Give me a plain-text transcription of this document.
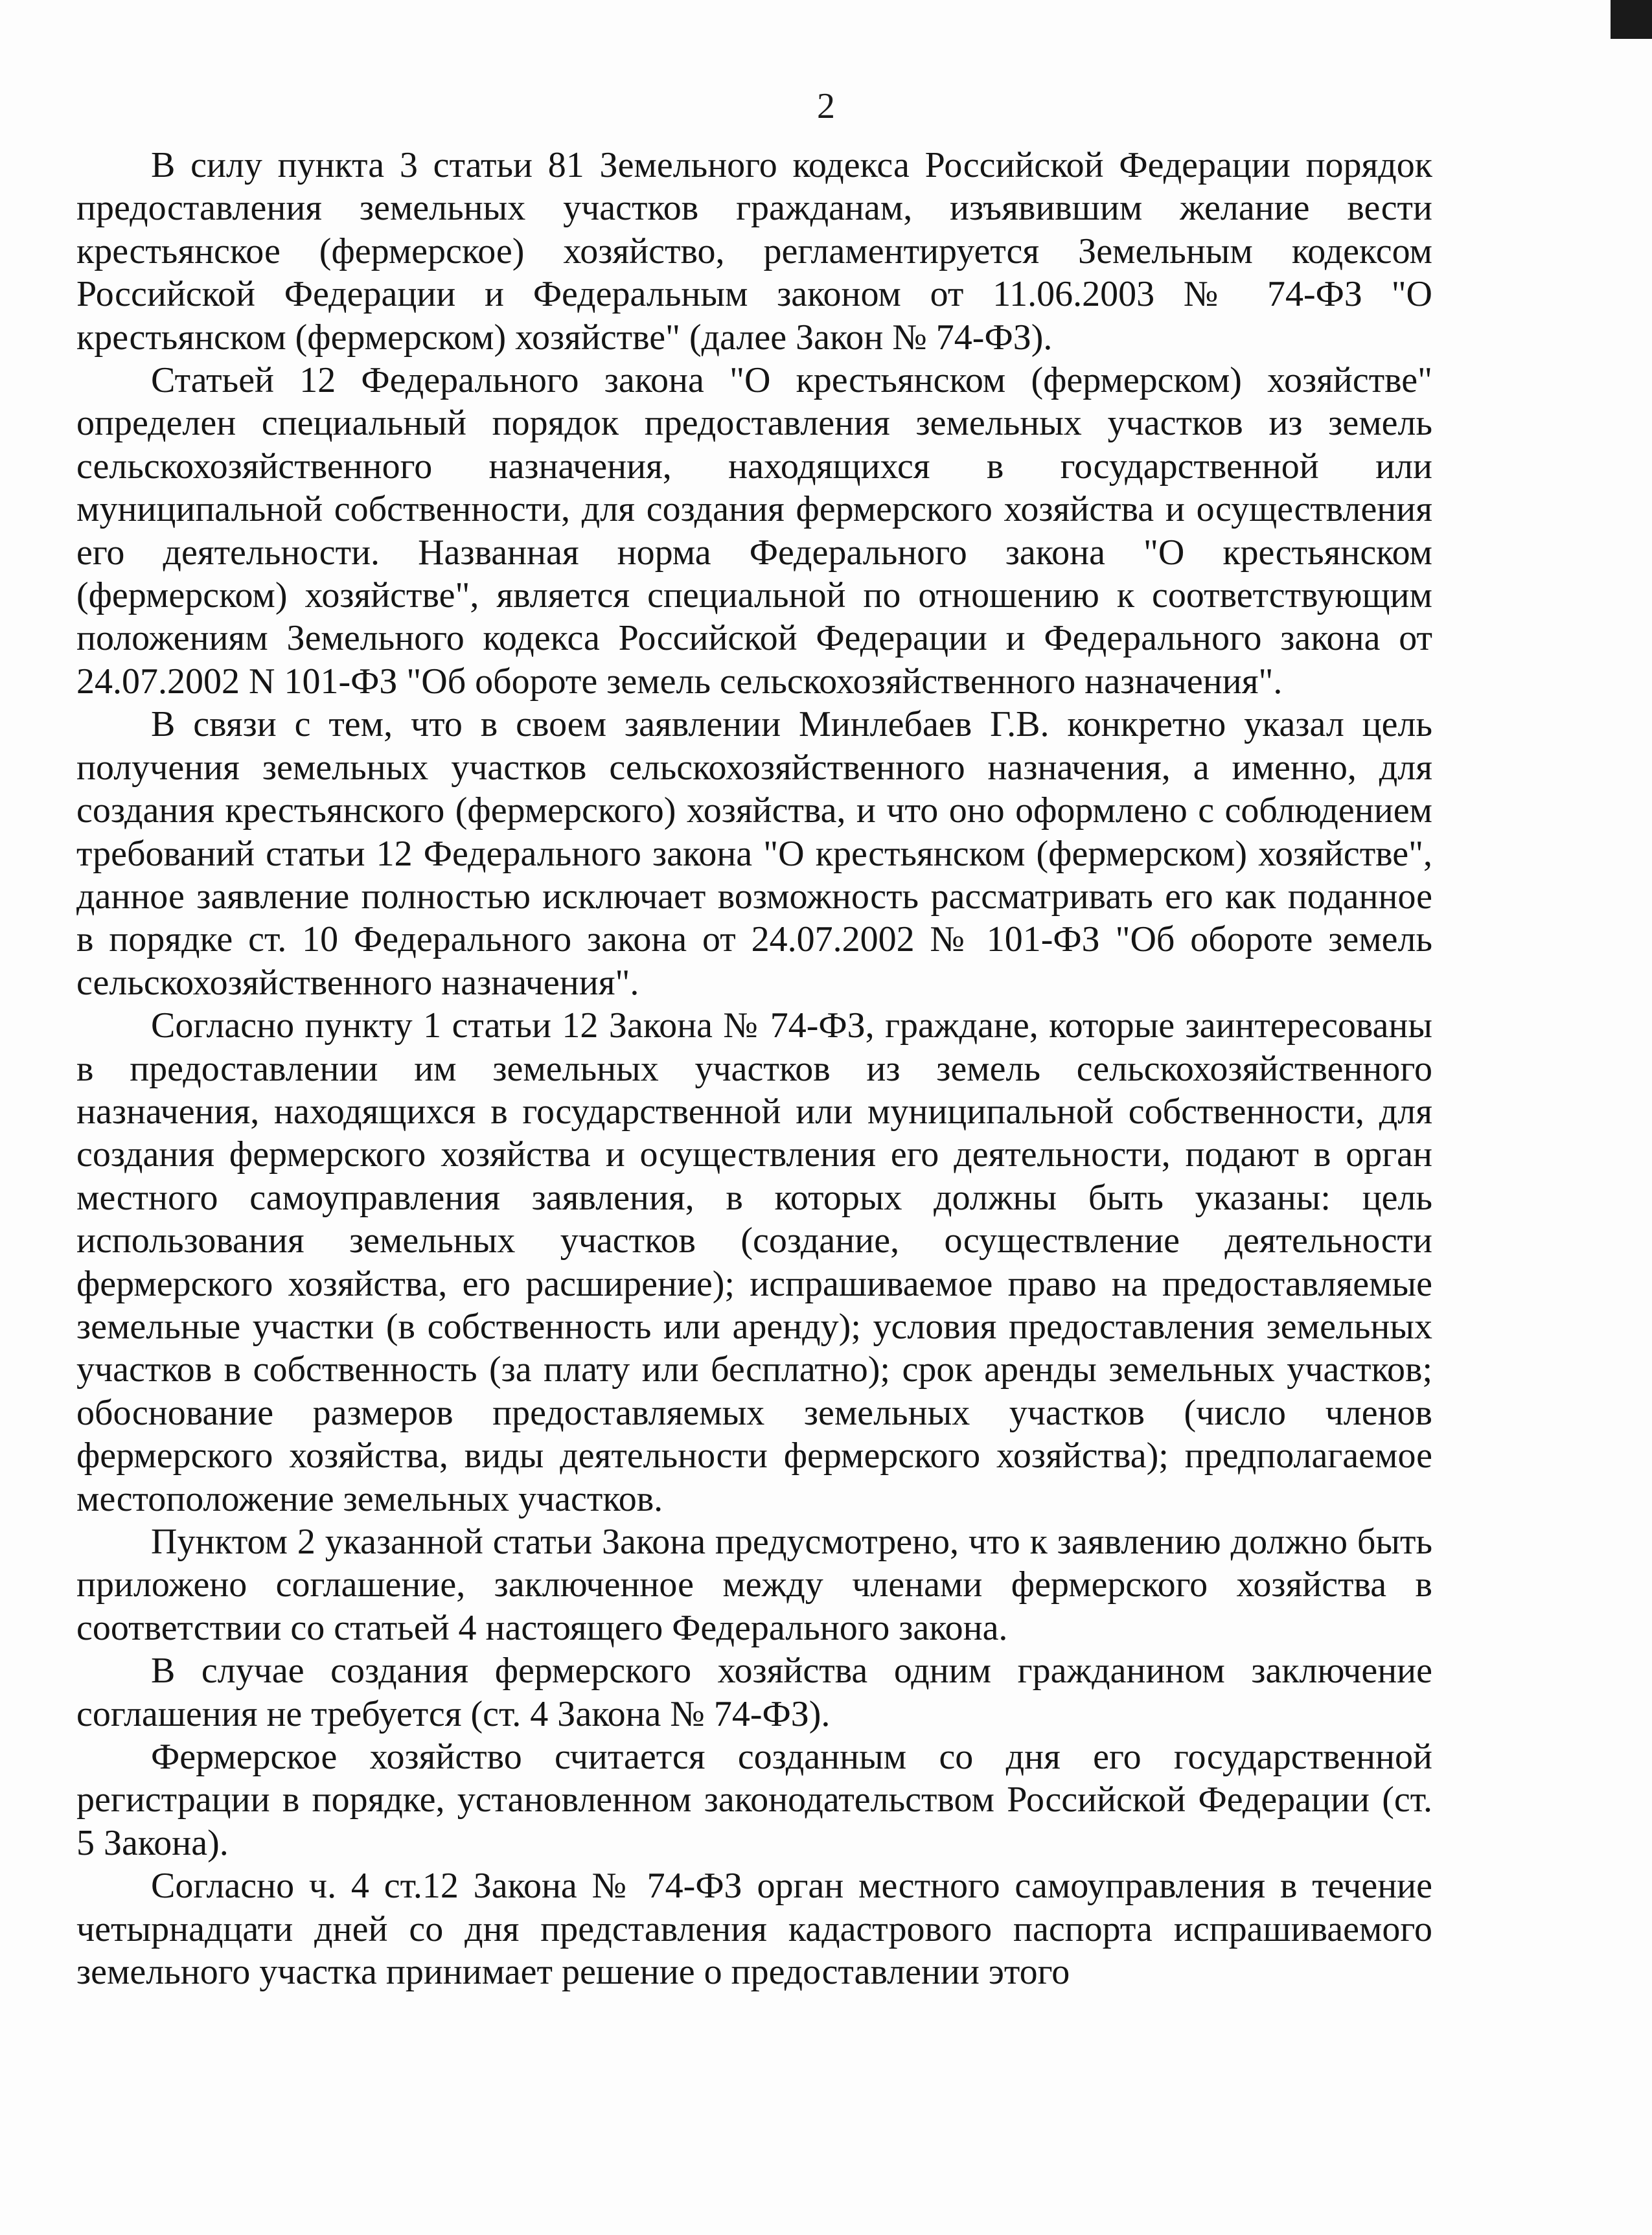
2

В силу пункта 3 статьи 81 Земельного кодекса Российской Федерации порядок предоставления земельных участков гражданам, изъявившим желание вести крестьянское (фермерское) хозяйство, регламентируется Земельным кодексом Российской Федерации и Федеральным законом от 11.06.2003 № 74-ФЗ "О крестьянском (фермерском) хозяйстве" (далее Закон № 74-ФЗ).

Статьей 12 Федерального закона "О крестьянском (фермерском) хозяйстве" определен специальный порядок предоставления земельных участков из земель сельскохозяйственного назначения, находящихся в государственной или муниципальной собственности, для создания фермерского хозяйства и осуществления его деятельности. Названная норма Федерального закона "О крестьянском (фермерском) хозяйстве", является специальной по отношению к соответствующим положениям Земельного кодекса Российской Федерации и Федерального закона от 24.07.2002 N 101-ФЗ "Об обороте земель сельскохозяйственного назначения".

В связи с тем, что в своем заявлении Минлебаев Г.В. конкретно указал цель получения земельных участков сельскохозяйственного назначения, а именно, для создания крестьянского (фермерского) хозяйства, и что оно оформлено с соблюдением требований статьи 12 Федерального закона "О крестьянском (фермерском) хозяйстве", данное заявление полностью исключает возможность рассматривать его как поданное в порядке ст. 10 Федерального закона от 24.07.2002 № 101-ФЗ "Об обороте земель сельскохозяйственного назначения".

Согласно пункту 1 статьи 12 Закона № 74-ФЗ, граждане, которые заинтересованы в предоставлении им земельных участков из земель сельскохозяйственного назначения, находящихся в государственной или муниципальной собственности, для создания фермерского хозяйства и осуществления его деятельности, подают в орган местного самоуправления заявления, в которых должны быть указаны: цель использования земельных участков (создание, осуществление деятельности фермерского хозяйства, его расширение); испрашиваемое право на предоставляемые земельные участки (в собственность или аренду); условия предоставления земельных участков в собственность (за плату или бесплатно); срок аренды земельных участков; обоснование размеров предоставляемых земельных участков (число членов фермерского хозяйства, виды деятельности фермерского хозяйства); предполагаемое местоположение земельных участков.

Пунктом 2 указанной статьи Закона предусмотрено, что к заявлению должно быть приложено соглашение, заключенное между членами фермерского хозяйства в соответствии со статьей 4 настоящего Федерального закона.

В случае создания фермерского хозяйства одним гражданином заключение соглашения не требуется (ст. 4 Закона № 74-ФЗ).

Фермерское хозяйство считается созданным со дня его государственной регистрации в порядке, установленном законодательством Российской Федерации (ст. 5 Закона).

Согласно ч. 4 ст.12 Закона № 74-ФЗ орган местного самоуправления в течение четырнадцати дней со дня представления кадастрового паспорта испрашиваемого земельного участка принимает решение о предоставлении этого
